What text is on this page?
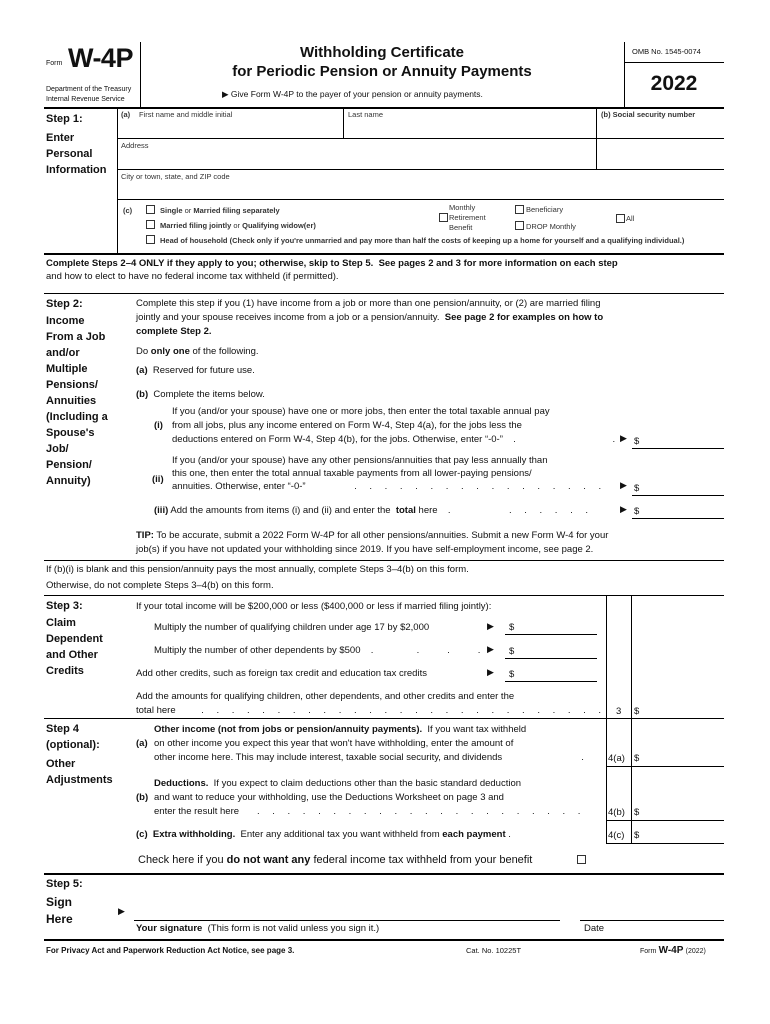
Form W-4P
Department of the Treasury
Internal Revenue Service
Withholding Certificate
for Periodic Pension or Annuity Payments
▶ Give Form W-4P to the payer of your pension or annuity payments.
OMB No. 1545-0074
2022
Step 1:
Enter
Personal
Information
(a) First name and middle initial	Last name	(b) Social security number
Address
City or town, state, and ZIP code
(c)	Single or Married filing separately
Married filing jointly or Qualifying widow(er)
Head of household (Check only if you're unmarried and pay more than half the costs of keeping up a home for yourself and a qualifying individual.)
Monthly
Retirement
Benefit
Beneficiary
DROP Monthly
All
Complete Steps 2–4 ONLY if they apply to you; otherwise, skip to Step 5. See pages 2 and 3 for more information on each step
and how to elect to have no federal income tax withheld (if permitted).
Step 2:
Income
From a Job
and/or
Multiple
Pensions/
Annuities
(Including a
Spouse's
Job/
Pension/
Annuity)
Complete this step if you (1) have income from a job or more than one pension/annuity, or (2) are married filing
jointly and your spouse receives income from a job or a pension/annuity. See page 2 for examples on how to
complete Step 2.
Do only one of the following.
(a) Reserved for future use.
(b) Complete the items below.
(i)
If you (and/or your spouse) have one or more jobs, then enter the total taxable annual pay
from all jobs, plus any income entered on Form W-4, Step 4(a), for the jobs less the
deductions entered on Form W-4, Step 4(b), for the jobs. Otherwise, enter “-0-”  .            . ▶ $
(ii)
If you (and/or your spouse) have any other pensions/annuities that pay less annually than
this one, then enter the total annual taxable payments from all lower-paying pensions/
annuities. Otherwise, enter “-0-”       . . . . . . . . . . . . . . . . . ▶ $
(iii) Add the amounts from items (i) and (ii) and enter the total here  .       . . . . . .	▶ $
TIP: To be accurate, submit a 2022 Form W-4P for all other pensions/annuities. Submit a new Form W-4 for your
job(s) if you have not updated your withholding since 2019. If you have self-employment income, see page 2.
If (b)(i) is blank and this pension/annuity pays the most annually, complete Steps 3–4(b) on this form.
Otherwise, do not complete Steps 3–4(b) on this form.
Step 3:
Claim
Dependent
and Other
Credits
If your total income will be $200,000 or less ($400,000 or less if married filing jointly):
Multiply the number of qualifying children under age 17 by $2,000	▶ $
Multiply the number of other dependents by $500  .     .   .   . ▶ $
Add other credits, such as foreign tax credit and education tax credits	▶ $
Add the amounts for qualifying children, other dependents, and other credits and enter the
total here    . . . . . . . . . . . . . . . . . . . . . . . . . . . 3 $
Step 4
(optional):
Other
Adjustments
(a)
Other income (not from jobs or pension/annuity payments). If you want tax withheld
on other income you expect this year that won't have withholding, enter the amount of
other income here. This may include interest, taxable social security, and dividends           . 4(a) $
(b)
Deductions. If you expect to claim deductions other than the basic standard deduction
and want to reduce your withholding, use the Deductions Worksheet on page 3 and
enter the result here   . . . . . . . . . . . . . . . . . . . . . . 4(b) $
(c) Extra withholding. Enter any additional tax you want withheld from each payment .	4(c) $
Check here if you do not want any federal income tax withheld from your benefit
Step 5:
Sign
Here
▶
Your signature (This form is not valid unless you sign it.)	Date
For Privacy Act and Paperwork Reduction Act Notice, see page 3.	Cat. No. 10225T	Form W-4P (2022)
